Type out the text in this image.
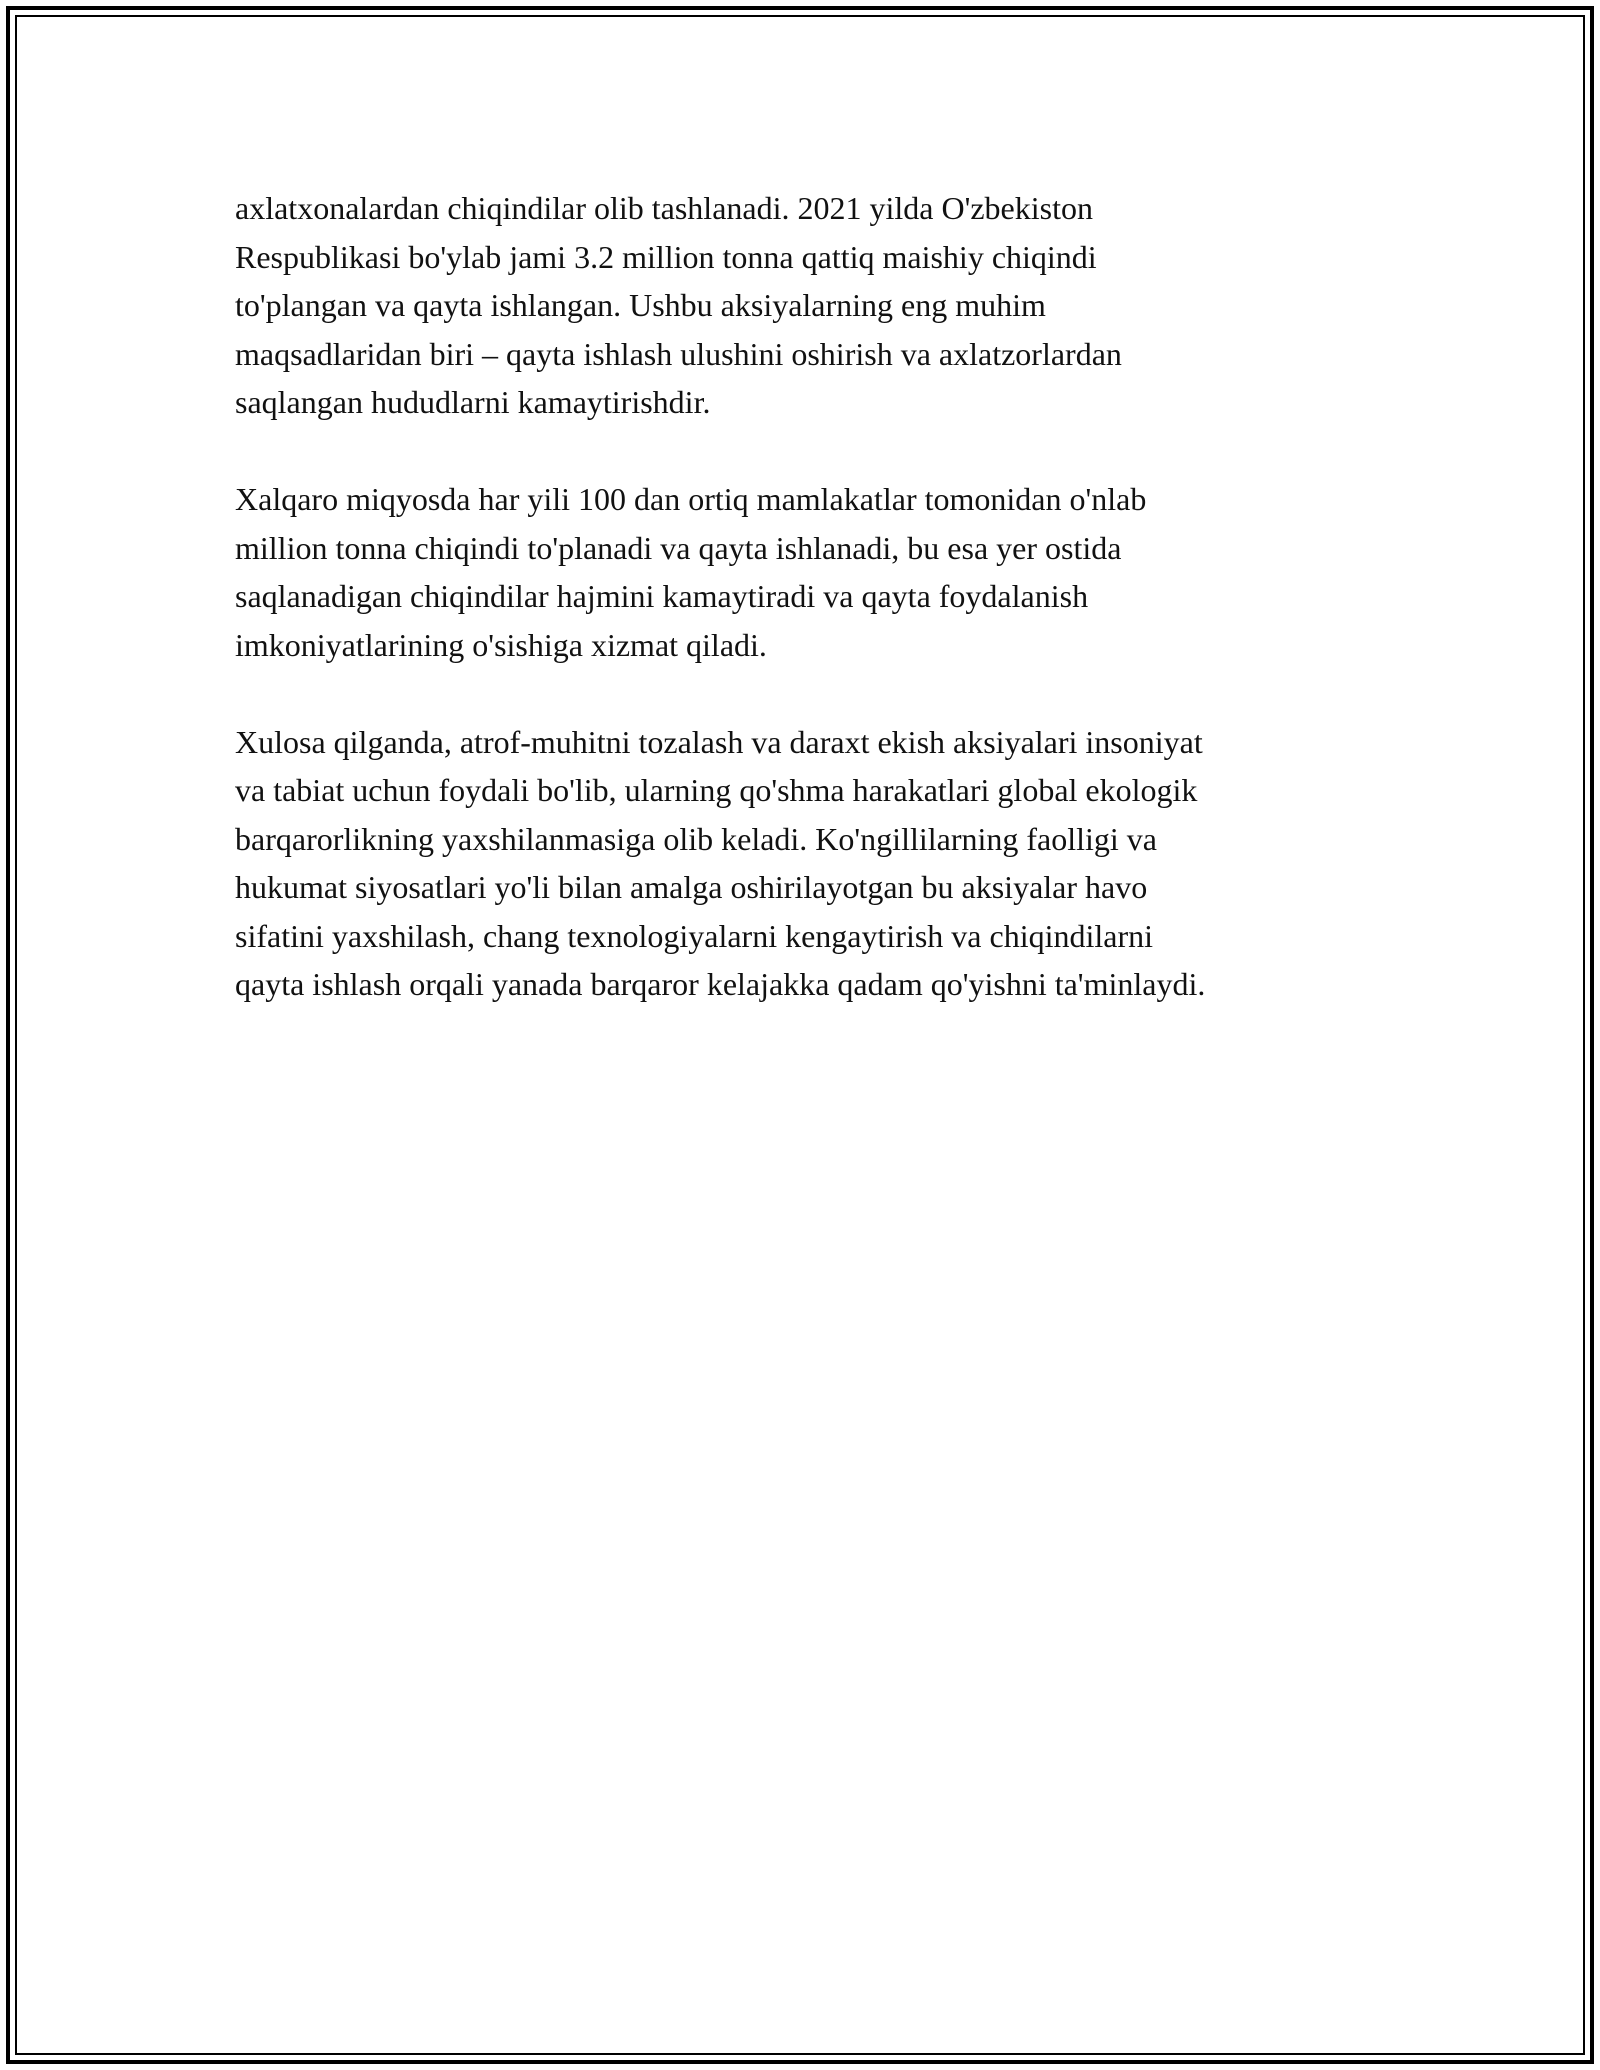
axlatxonalardan chiqindilar olib tashlanadi. 2021 yilda O'zbekiston
Respublikasi bo'ylab jami 3.2 million tonna qattiq maishiy chiqindi
to'plangan va qayta ishlangan. Ushbu aksiyalarning eng muhim
maqsadlaridan biri – qayta ishlash ulushini oshirish va axlatzorlardan
saqlangan hududlarni kamaytirishdir.

Xalqaro miqyosda har yili 100 dan ortiq mamlakatlar tomonidan o'nlab
million tonna chiqindi to'planadi va qayta ishlanadi, bu esa yer ostida
saqlanadigan chiqindilar hajmini kamaytiradi va qayta foydalanish
imkoniyatlarining o'sishiga xizmat qiladi.

Xulosa qilganda, atrof-muhitni tozalash va daraxt ekish aksiyalari insoniyat
va tabiat uchun foydali bo'lib, ularning qo'shma harakatlari global ekologik
barqarorlikning yaxshilanmasiga olib keladi. Ko'ngillilarning faolligi va
hukumat siyosatlari yo'li bilan amalga oshirilayotgan bu aksiyalar havo
sifatini yaxshilash, chang texnologiyalarni kengaytirish va chiqindilarni
qayta ishlash orqali yanada barqaror kelajakka qadam qo'yishni ta'minlaydi.
